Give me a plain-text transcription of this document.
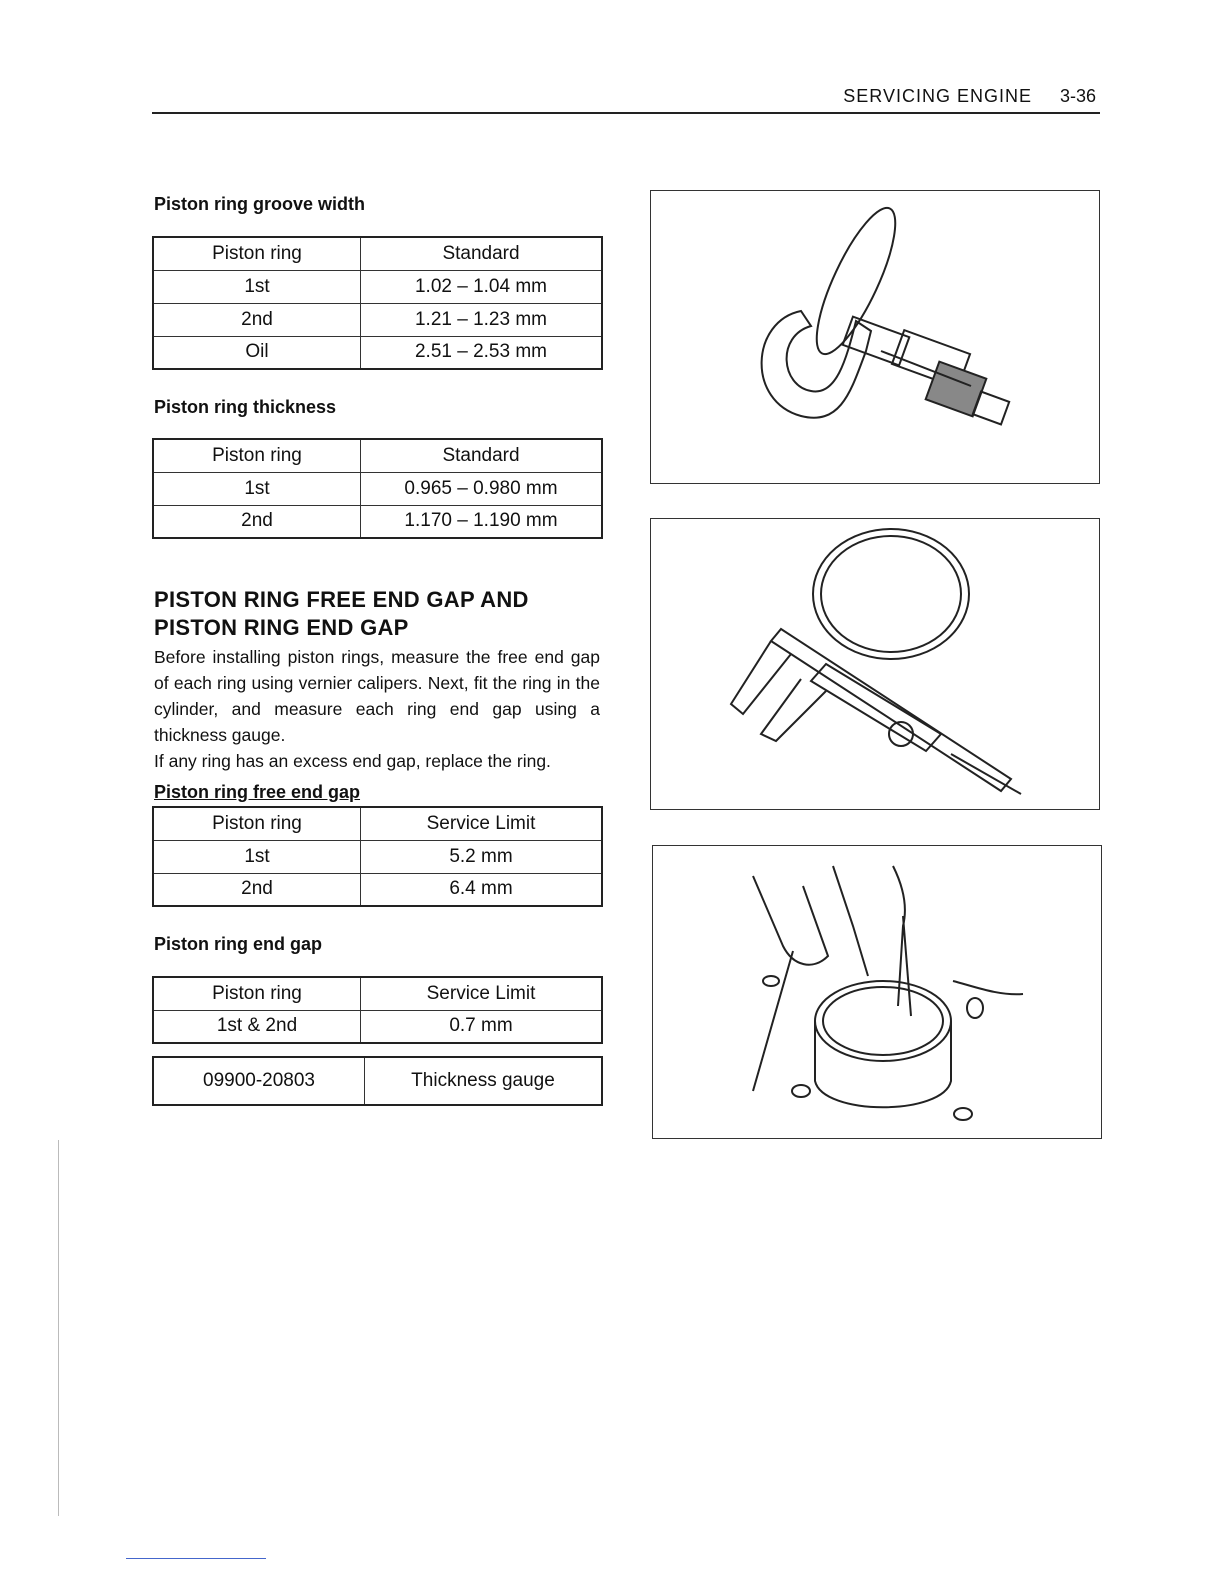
SERVICING ENGINE 3-36
Piston ring groove width
Piston ring	Standard
1st	1.02 – 1.04 mm
2nd	1.21 – 1.23 mm
Oil	2.51 – 2.53 mm
Piston ring thickness
Piston ring	Standard
1st	0.965 – 0.980 mm
2nd	1.170 – 1.190 mm
PISTON RING FREE END GAP AND
PISTON RING END GAP

Before installing piston rings, measure the free end gap of each ring using vernier calipers. Next, fit the ring in the cylinder, and measure each ring end gap using a thickness gauge.

If any ring has an excess end gap, replace the ring.

Piston ring free end gap
Piston ring	Service Limit
1st	5.2 mm
2nd	6.4 mm
Piston ring end gap
Piston ring	Service Limit
1st & 2nd	0.7 mm
09900-20803	Thickness gauge
